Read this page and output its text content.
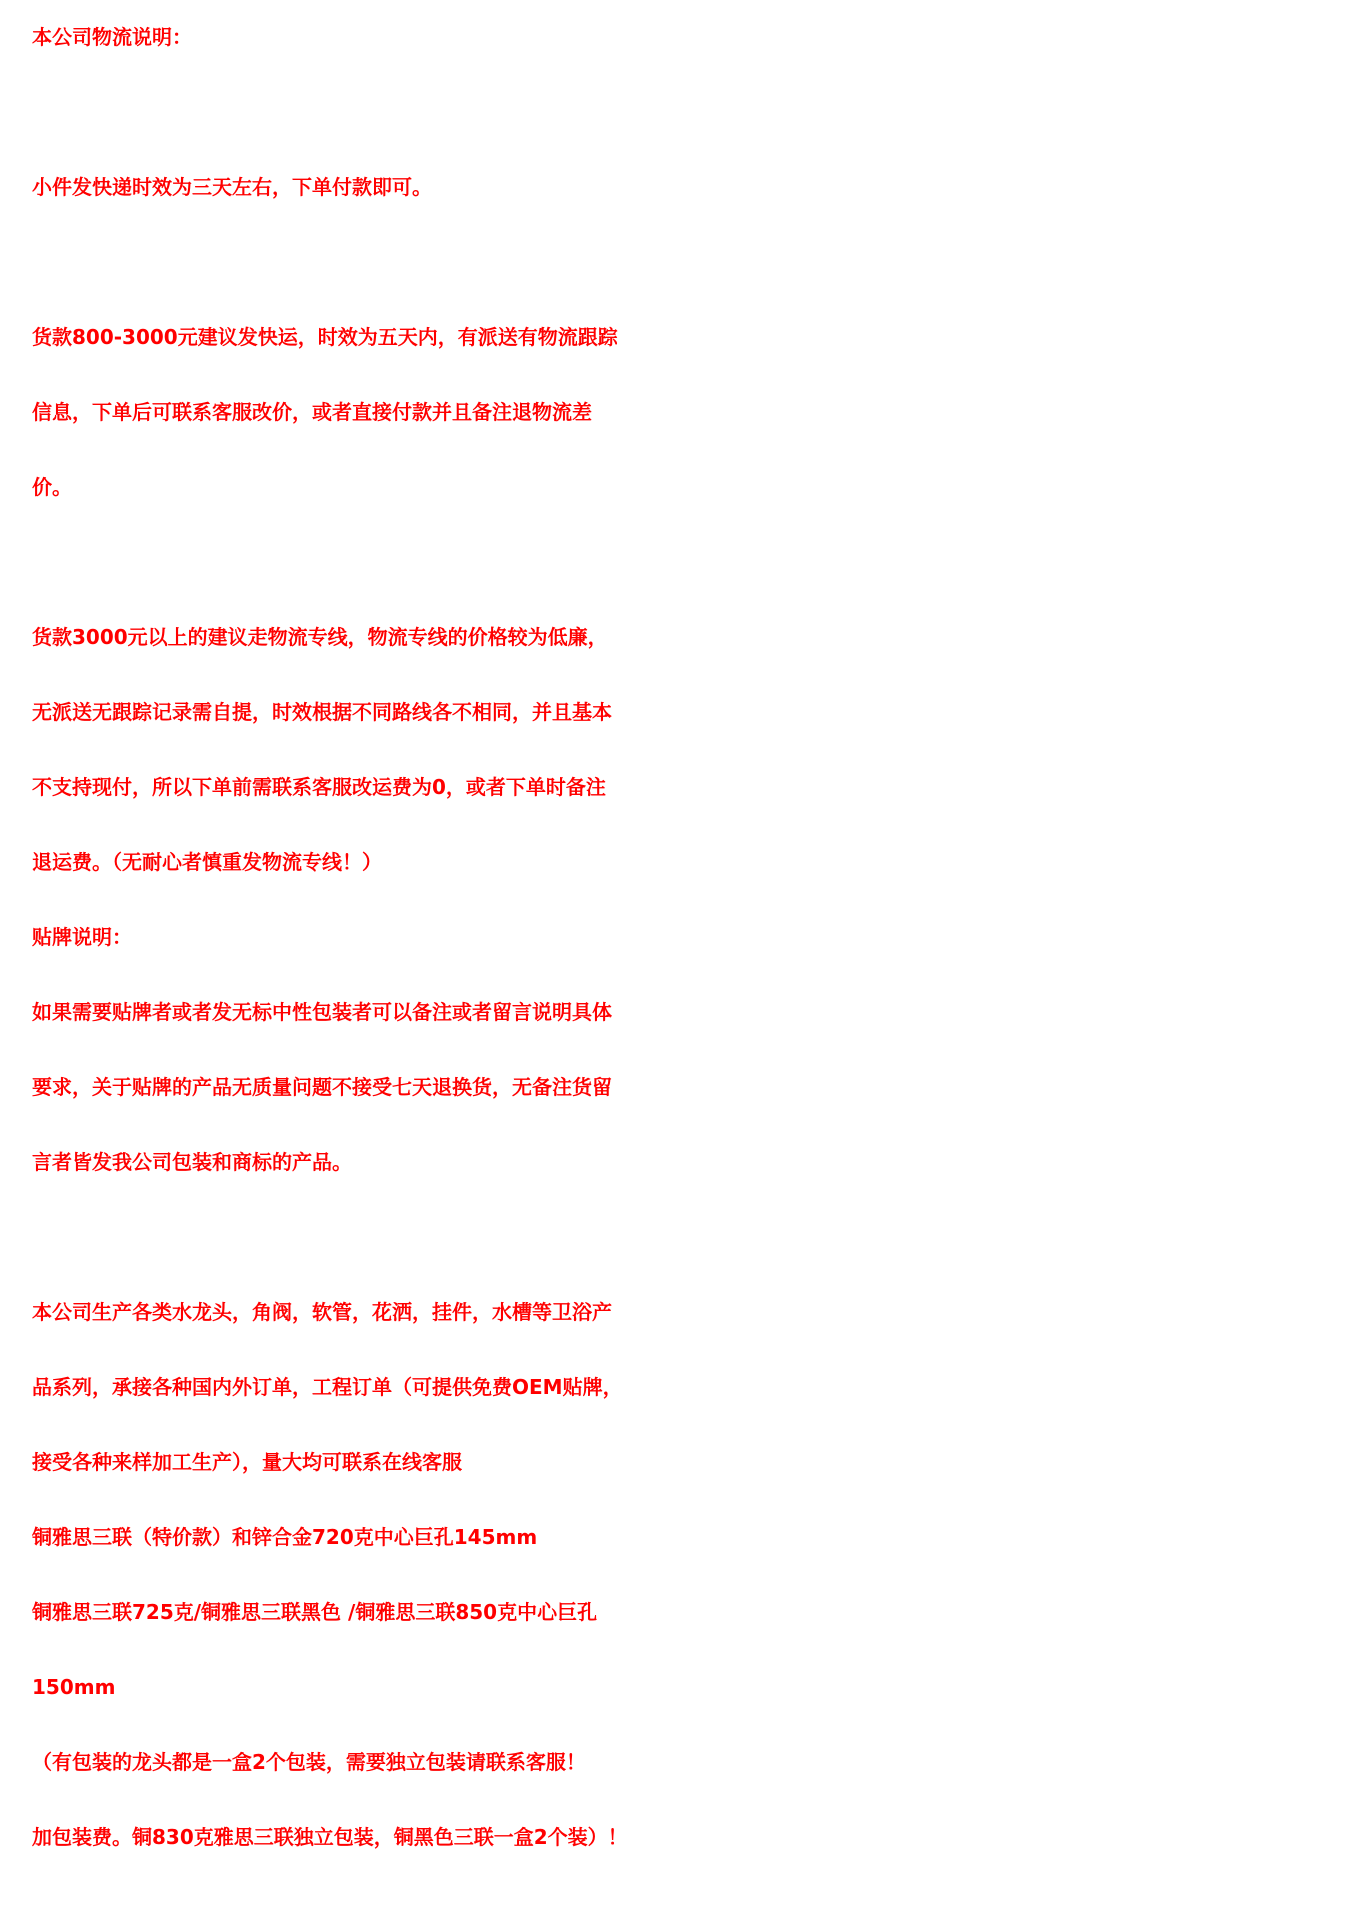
本公司物流说明：
小件发快递时效为三天左右，下单付款即可。
货款800-3000元建议发快运，时效为五天内，有派送有物流跟踪
信息，下单后可联系客服改价，或者直接付款并且备注退物流差
价。
货款3000元以上的建议走物流专线，物流专线的价格较为低廉，
无派送无跟踪记录需自提，时效根据不同路线各不相同，并且基本
不支持现付，所以下单前需联系客服改运费为0，或者下单时备注
退运费。（无耐心者慎重发物流专线！）
贴牌说明：
如果需要贴牌者或者发无标中性包装者可以备注或者留言说明具体
要求，关于贴牌的产品无质量问题不接受七天退换货，无备注货留
言者皆发我公司包装和商标的产品。
本公司生产各类水龙头，角阀，软管，花洒，挂件，水槽等卫浴产
品系列，承接各种国内外订单，工程订单（可提供免费OEM贴牌，
接受各种来样加工生产），量大均可联系在线客服
铜雅思三联（特价款）和锌合金720克中心巨孔145mm
铜雅思三联725克/铜雅思三联黑色 /铜雅思三联850克中心巨孔
150mm
（有包装的龙头都是一盒2个包装，需要独立包装请联系客服！
加包装费。铜830克雅思三联独立包装，铜黑色三联一盒2个装）！
